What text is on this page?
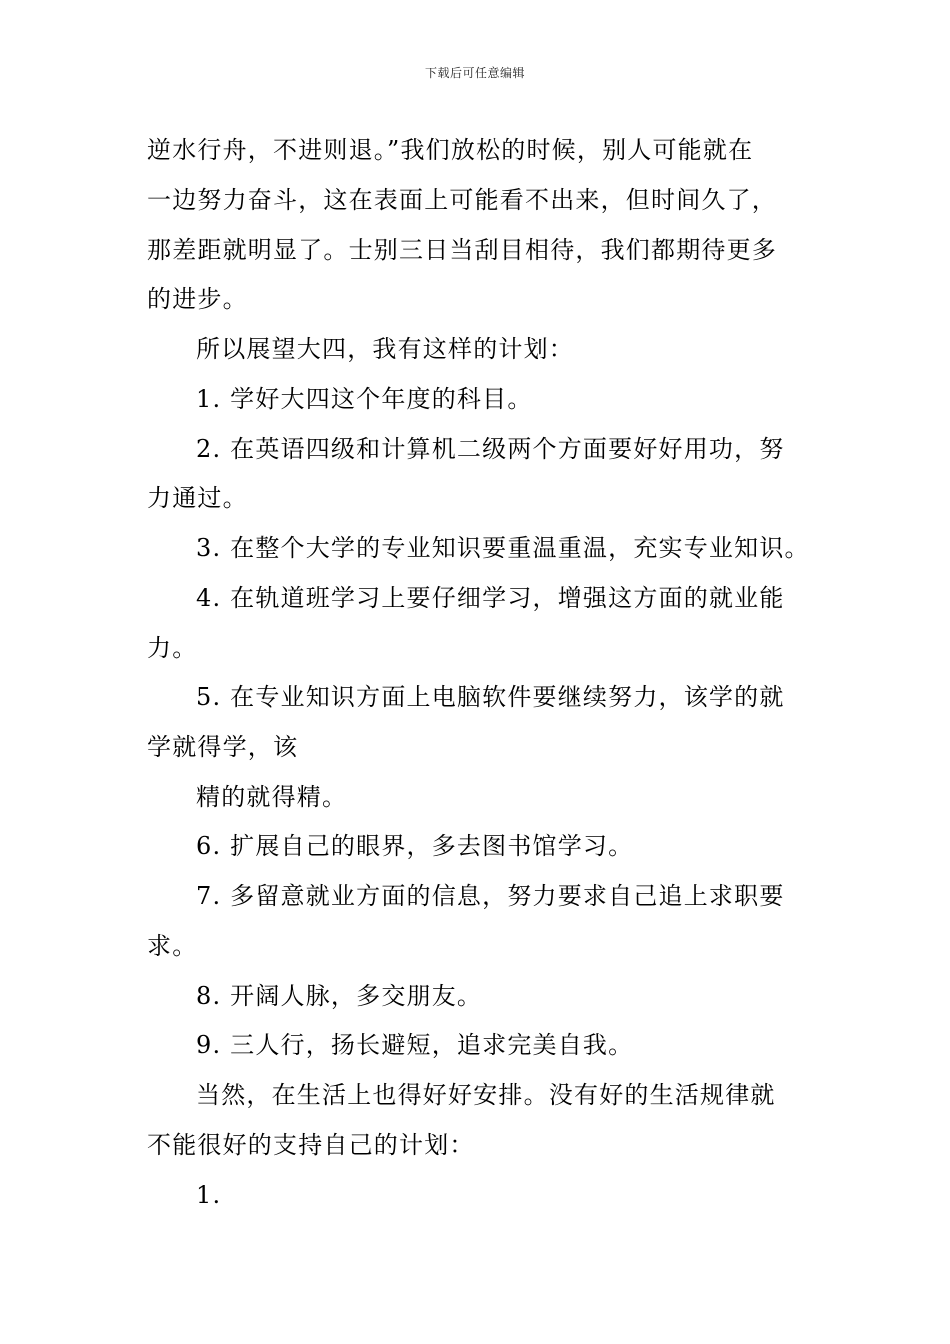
下载后可任意编辑
逆水行舟，不进则退。”我们放松的时候，别人可能就在
一边努力奋斗，这在表面上可能看不出来，但时间久了，
那差距就明显了。士别三日当刮目相待，我们都期待更多
的进步。
所以展望大四，我有这样的计划：
1. 学好大四这个年度的科目。
2. 在英语四级和计算机二级两个方面要好好用功，努
力通过。
3. 在整个大学的专业知识要重温重温，充实专业知识。
4. 在轨道班学习上要仔细学习，增强这方面的就业能
力。
5. 在专业知识方面上电脑软件要继续努力，该学的就
学就得学，该
精的就得精。
6. 扩展自己的眼界，多去图书馆学习。
7. 多留意就业方面的信息，努力要求自己追上求职要
求。
8. 开阔人脉，多交朋友。
9. 三人行，扬长避短，追求完美自我。
当然，在生活上也得好好安排。没有好的生活规律就
不能很好的支持自己的计划：
1.
